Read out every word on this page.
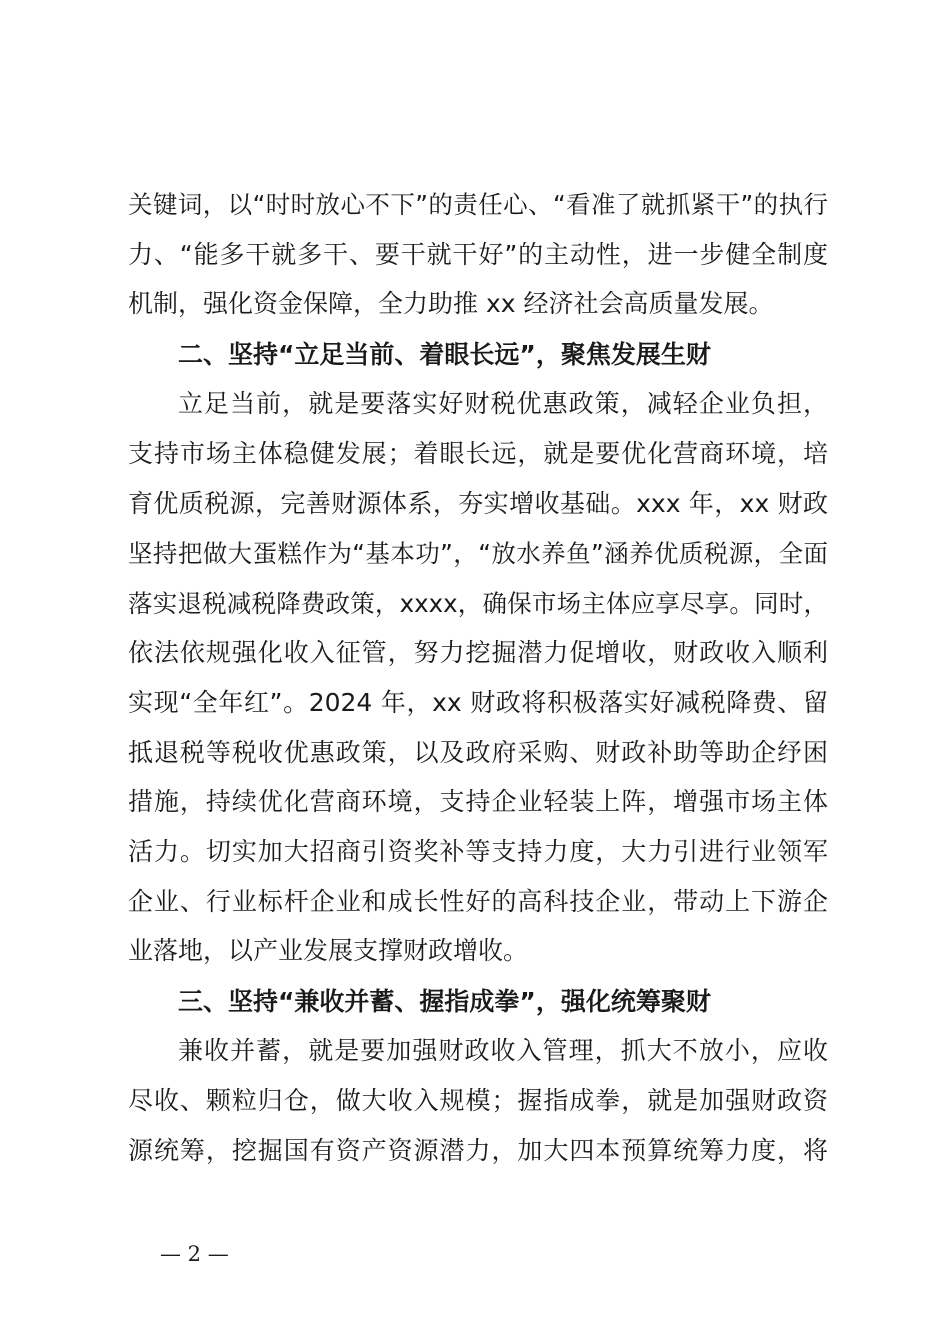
关键词，以“时时放心不下”的责任心、“看准了就抓紧干”的执行
力、“能多干就多干、要干就干好”的主动性，进一步健全制度
机制，强化资金保障，全力助推 xx 经济社会高质量发展。
二、坚持“立足当前、着眼长远”，聚焦发展生财
立足当前，就是要落实好财税优惠政策，减轻企业负担，
支持市场主体稳健发展；着眼长远，就是要优化营商环境，培
育优质税源，完善财源体系，夯实增收基础。xxx 年，xx 财政
坚持把做大蛋糕作为“基本功”，“放水养鱼”涵养优质税源，全面
落实退税减税降费政策，xxxx，确保市场主体应享尽享。同时，
依法依规强化收入征管，努力挖掘潜力促增收，财政收入顺利
实现“全年红”。2024 年，xx 财政将积极落实好减税降费、留
抵退税等税收优惠政策，以及政府采购、财政补助等助企纾困
措施，持续优化营商环境，支持企业轻装上阵，增强市场主体
活力。切实加大招商引资奖补等支持力度，大力引进行业领军
企业、行业标杆企业和成长性好的高科技企业，带动上下游企
业落地，以产业发展支撑财政增收。
三、坚持“兼收并蓄、握指成拳”，强化统筹聚财
兼收并蓄，就是要加强财政收入管理，抓大不放小，应收
尽收、颗粒归仓，做大收入规模；握指成拳，就是加强财政资
源统筹，挖掘国有资产资源潜力，加大四本预算统筹力度，将
— 2 —
